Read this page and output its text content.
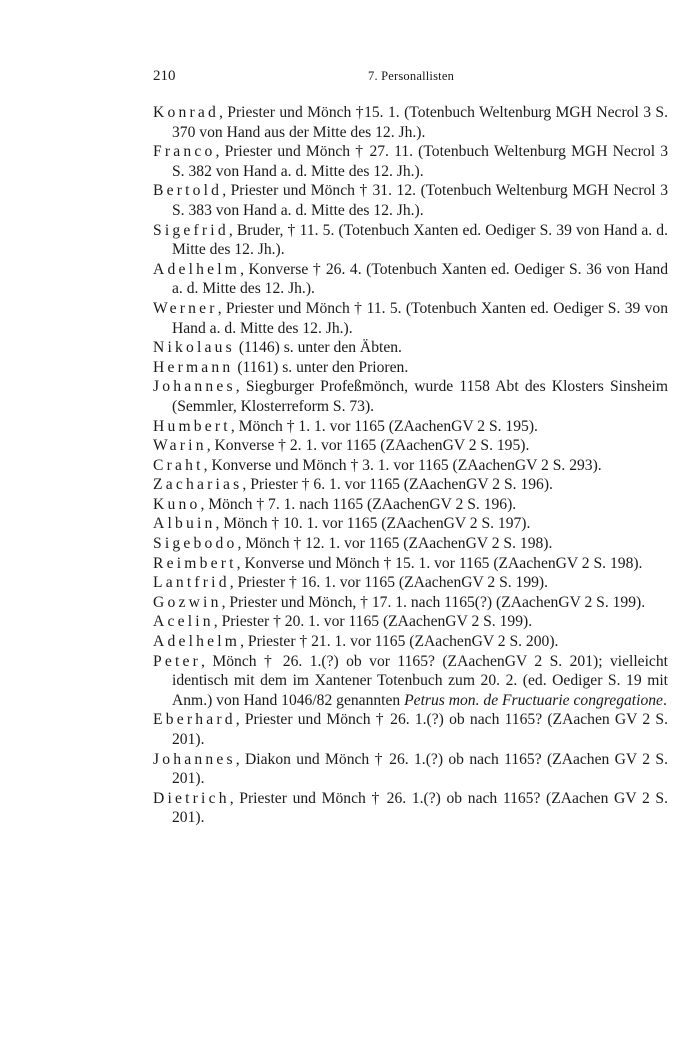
210	7. Personallisten

Konrad, Priester und Mönch †15. 1. (Totenbuch Weltenburg MGH Necrol 3 S. 370 von Hand aus der Mitte des 12. Jh.).

Franco, Priester und Mönch † 27. 11. (Totenbuch Weltenburg MGH Necrol 3 S. 382 von Hand a. d. Mitte des 12. Jh.).

Bertold, Priester und Mönch † 31. 12. (Totenbuch Weltenburg MGH Necrol 3 S. 383 von Hand a. d. Mitte des 12. Jh.).

Sigefrid, Bruder, † 11. 5. (Totenbuch Xanten ed. Oediger S. 39 von Hand a. d. Mitte des 12. Jh.).

Adelhelm, Konverse † 26. 4. (Totenbuch Xanten ed. Oediger S. 36 von Hand a. d. Mitte des 12. Jh.).

Werner, Priester und Mönch † 11. 5. (Totenbuch Xanten ed. Oediger S. 39 von Hand a. d. Mitte des 12. Jh.).

Nikolaus (1146) s. unter den Äbten.

Hermann (1161) s. unter den Prioren.

Johannes, Siegburger Profeßmönch, wurde 1158 Abt des Klosters Sinsheim (Semmler, Klosterreform S. 73).

Humbert, Mönch † 1. 1. vor 1165 (ZAachenGV 2 S. 195).

Warin, Konverse † 2. 1. vor 1165 (ZAachenGV 2 S. 195).

Craht, Konverse und Mönch † 3. 1. vor 1165 (ZAachenGV 2 S. 293).

Zacharias, Priester † 6. 1. vor 1165 (ZAachenGV 2 S. 196).

Kuno, Mönch † 7. 1. nach 1165 (ZAachenGV 2 S. 196).

Albuin, Mönch † 10. 1. vor 1165 (ZAachenGV 2 S. 197).

Sigebodo, Mönch † 12. 1. vor 1165 (ZAachenGV 2 S. 198).

Reimbert, Konverse und Mönch † 15. 1. vor 1165 (ZAachenGV 2 S. 198).

Lantfrid, Priester † 16. 1. vor 1165 (ZAachenGV 2 S. 199).

Gozwin, Priester und Mönch, † 17. 1. nach 1165(?) (ZAachenGV 2 S. 199).

Acelin, Priester † 20. 1. vor 1165 (ZAachenGV 2 S. 199).

Adelhelm, Priester † 21. 1. vor 1165 (ZAachenGV 2 S. 200).

Peter, Mönch † 26. 1.(?) ob vor 1165? (ZAachenGV 2 S. 201); vielleicht identisch mit dem im Xantener Totenbuch zum 20. 2. (ed. Oediger S. 19 mit Anm.) von Hand 1046/82 genannten Petrus mon. de Fructuarie congregatione.

Eberhard, Priester und Mönch † 26. 1.(?) ob nach 1165? (ZAachen GV 2 S. 201).

Johannes, Diakon und Mönch † 26. 1.(?) ob nach 1165? (ZAachen GV 2 S. 201).

Dietrich, Priester und Mönch † 26. 1.(?) ob nach 1165? (ZAachen GV 2 S. 201).
